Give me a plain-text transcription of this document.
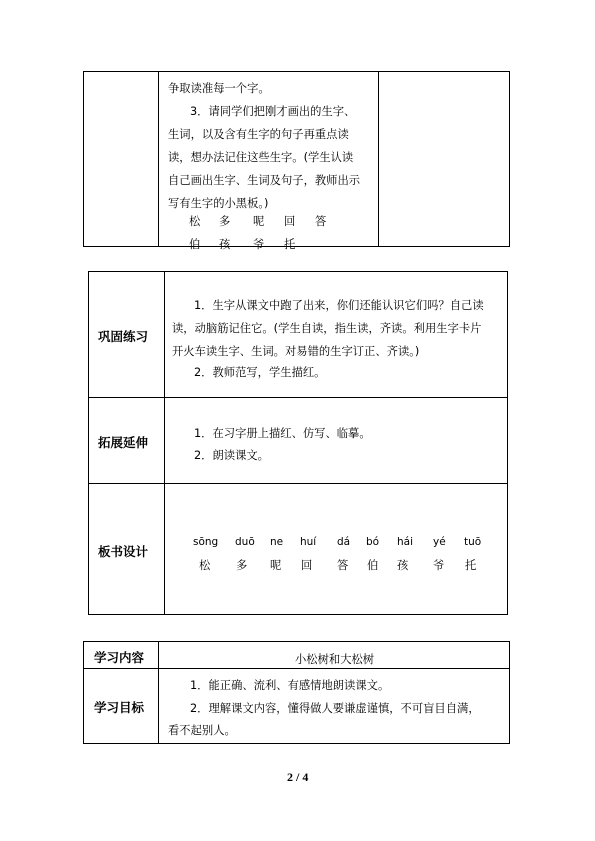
争取读准每一个字。
3．请同学们把刚才画出的生字、
生词，以及含有生字的句子再重点读
读，想办法记住这些生字。(学生认读
自己画出生字、生词及句子，教师出示
写有生字的小黑板。)
松 多 呢 回 答
伯 孩 爷 托
巩固练习
1．生字从课文中跑了出来，你们还能认识它们吗？自己读
读，动脑筋记住它。(学生自读，指生读，齐读。利用生字卡片
开火车读生字、生词。对易错的生字订正、齐读。)
2．教师范写，学生描红。
拓展延伸
1．在习字册上描红、仿写、临摹。
2．朗读课文。
板书设计
sōng duō ne huí dá bó hái yé tuō
松 多 呢 回 答 伯 孩 爷 托
学习内容	小松树和大松树
学习目标
1．能正确、流利、有感情地朗读课文。
2．理解课文内容，懂得做人要谦虚谨慎，不可盲目自满，
看不起别人。
2 / 4
